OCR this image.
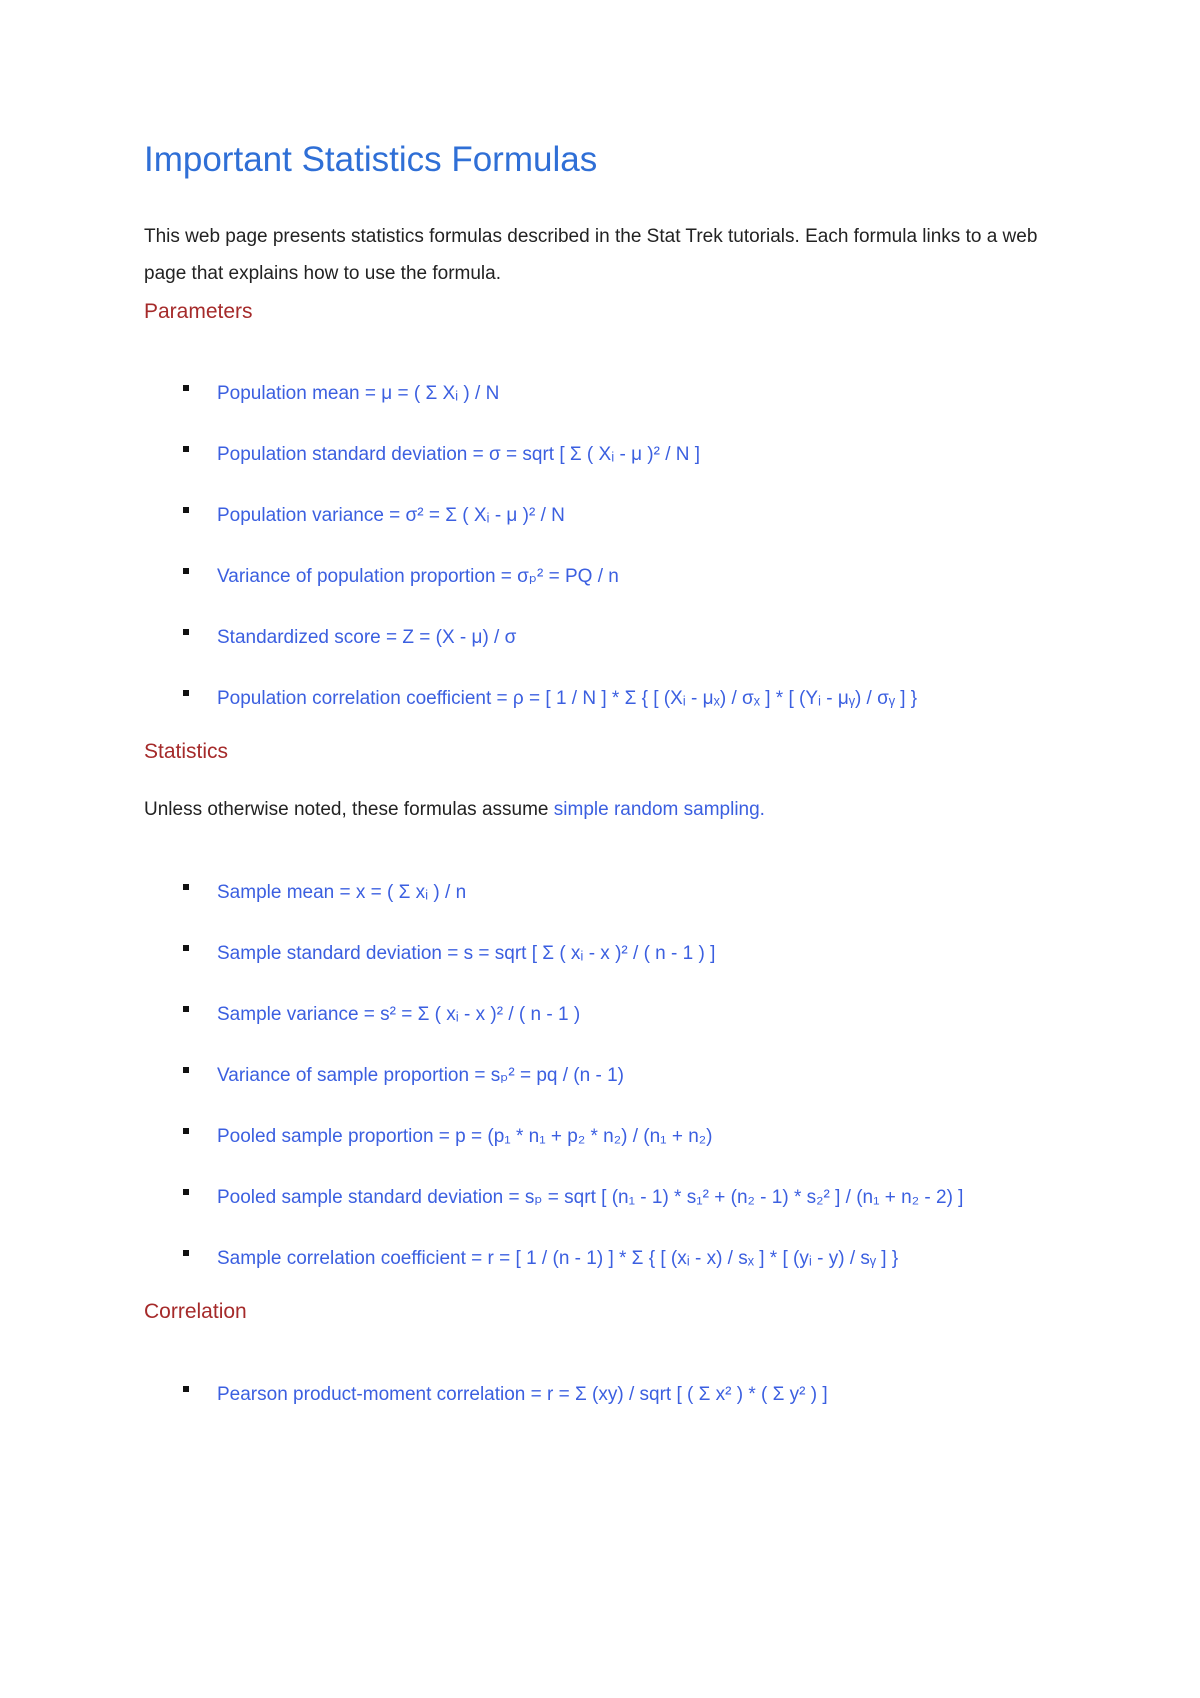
Important Statistics Formulas

This web page presents statistics formulas described in the Stat Trek tutorials. Each formula links to a web page that explains how to use the formula.

Parameters
Population mean = μ = ( Σ Xᵢ ) / N
Population standard deviation = σ = sqrt [ Σ ( Xᵢ - μ )² / N ]
Population variance = σ² = Σ ( Xᵢ - μ )² / N
Variance of population proportion = σₚ² = PQ / n
Standardized score = Z = (X - μ) / σ
Population correlation coefficient = ρ = [ 1 / N ] * Σ { [ (Xᵢ - μₓ) / σₓ ] * [ (Yᵢ - μᵧ) / σᵧ ] }
Statistics

Unless otherwise noted, these formulas assume simple random sampling.

Sample mean = x = ( Σ xᵢ ) / n
Sample standard deviation = s = sqrt [ Σ ( xᵢ - x )² / ( n - 1 ) ]
Sample variance = s² = Σ ( xᵢ - x )² / ( n - 1 )
Variance of sample proportion = sₚ² = pq / (n - 1)
Pooled sample proportion = p = (p₁ * n₁ + p₂ * n₂) / (n₁ + n₂)
Pooled sample standard deviation = sₚ = sqrt [ (n₁ - 1) * s₁² + (n₂ - 1) * s₂² ] / (n₁ + n₂ - 2) ]
Sample correlation coefficient = r = [ 1 / (n - 1) ] * Σ { [ (xᵢ - x) / sₓ ] * [ (yᵢ - y) / sᵧ ] }
Correlation
Pearson product-moment correlation = r = Σ (xy) / sqrt [ ( Σ x² ) * ( Σ y² ) ]
